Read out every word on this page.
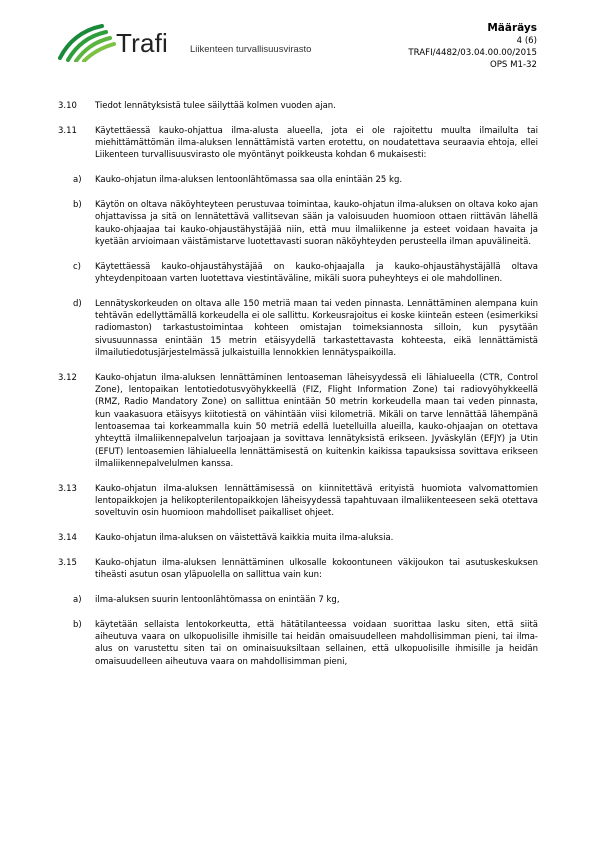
Trafi Liikenteen turvallisuusvirasto
Määräys
4 (6)
TRAFI/4482/03.04.00.00/2015
OPS M1-32
3.10	Tiedot lennätyksistä tulee säilyttää kolmen vuoden ajan.
3.11	Käytettäessä kauko-ohjattua ilma-alusta alueella, jota ei ole rajoitettu muulta ilmailulta tai miehittämättömän ilma-aluksen lennättämistä varten erotettu, on noudatettava seuraavia ehtoja, ellei Liikenteen turvallisuusvirasto ole myöntänyt poikkeusta kohdan 6 mukaisesti:
a)	Kauko-ohjatun ilma-aluksen lentoonlähtömassa saa olla enintään 25 kg.
b)	Käytön on oltava näköyhteyteen perustuvaa toimintaa, kauko-ohjatun ilma-aluksen on oltava koko ajan ohjattavissa ja sitä on lennätettävä vallitsevan sään ja valoisuuden huomioon ottaen riittävän lähellä kauko-ohjaajaa tai kauko-ohjaustähystäjää niin, että muu ilmaliikenne ja esteet voidaan havaita ja kyetään arvioimaan väistämistarve luotettavasti suoran näköyhteyden perusteella ilman apuvälineitä.
c)	Käytettäessä kauko-ohjaustähystäjää on kauko-ohjaajalla ja kauko-ohjaustähystäjällä oltava yhteydenpitoaan varten luotettava viestintäväline, mikäli suora puheyhteys ei ole mahdollinen.
d)	Lennätyskorkeuden on oltava alle 150 metriä maan tai veden pinnasta. Lennättäminen alempana kuin tehtävän edellyttämällä korkeudella ei ole sallittu. Korkeusrajoitus ei koske kiinteän esteen (esimerkiksi radiomaston) tarkastustoimintaa kohteen omistajan toimeksiannosta silloin, kun pysytään sivusuunnassa enintään 15 metrin etäisyydellä tarkastettavasta kohteesta, eikä lennättämistä ilmailutiedotusjärjestelmässä julkaistuilla lennokkien lennätyspaikoilla.
3.12	Kauko-ohjatun ilma-aluksen lennättäminen lentoaseman läheisyydessä eli lähialueella (CTR, Control Zone), lentopaikan lentotiedotusvyöhykkeellä (FIZ, Flight Information Zone) tai radiovyöhykkeellä (RMZ, Radio Mandatory Zone) on sallittua enintään 50 metrin korkeudella maan tai veden pinnasta, kun vaakasuora etäisyys kiitotiestä on vähintään viisi kilometriä. Mikäli on tarve lennättää lähempänä lentoasemaa tai korkeammalla kuin 50 metriä edellä luetelluilla alueilla, kauko-ohjaajan on otettava yhteyttä ilmaliikennepalvelun tarjoajaan ja sovittava lennätyksistä erikseen. Jyväskylän (EFJY) ja Utin (EFUT) lentoasemien lähialueella lennättämisestä on kuitenkin kaikissa tapauksissa sovittava erikseen ilmaliikennepalvelulmen kanssa.
3.13	Kauko-ohjatun ilma-aluksen lennättämisessä on kiinnitettävä erityistä huomiota valvomattomien lentopaikkojen ja helikopterilentopaikkojen läheisyydessä tapahtuvaan ilmaliikenteeseen sekä otettava soveltuvin osin huomioon mahdolliset paikalliset ohjeet.
3.14	Kauko-ohjatun ilma-aluksen on väistettävä kaikkia muita ilma-aluksia.
3.15	Kauko-ohjatun ilma-aluksen lennättäminen ulkosalle kokoontuneen väkijoukon tai asutuskeskuksen tiheästi asutun osan yläpuolella on sallittua vain kun:
a)	ilma-aluksen suurin lentoonlähtömassa on enintään 7 kg,
b)	käytetään sellaista lentokorkeutta, että hätätilanteessa voidaan suorittaa lasku siten, että siitä aiheutuva vaara on ulkopuolisille ihmisille tai heidän omaisuudelleen mahdollisimman pieni, tai ilma-alus on varustettu siten tai on ominaisuuksiltaan sellainen, että ulkopuolisille ihmisille ja heidän omaisuudelleen aiheutuva vaara on mahdollisimman pieni,
